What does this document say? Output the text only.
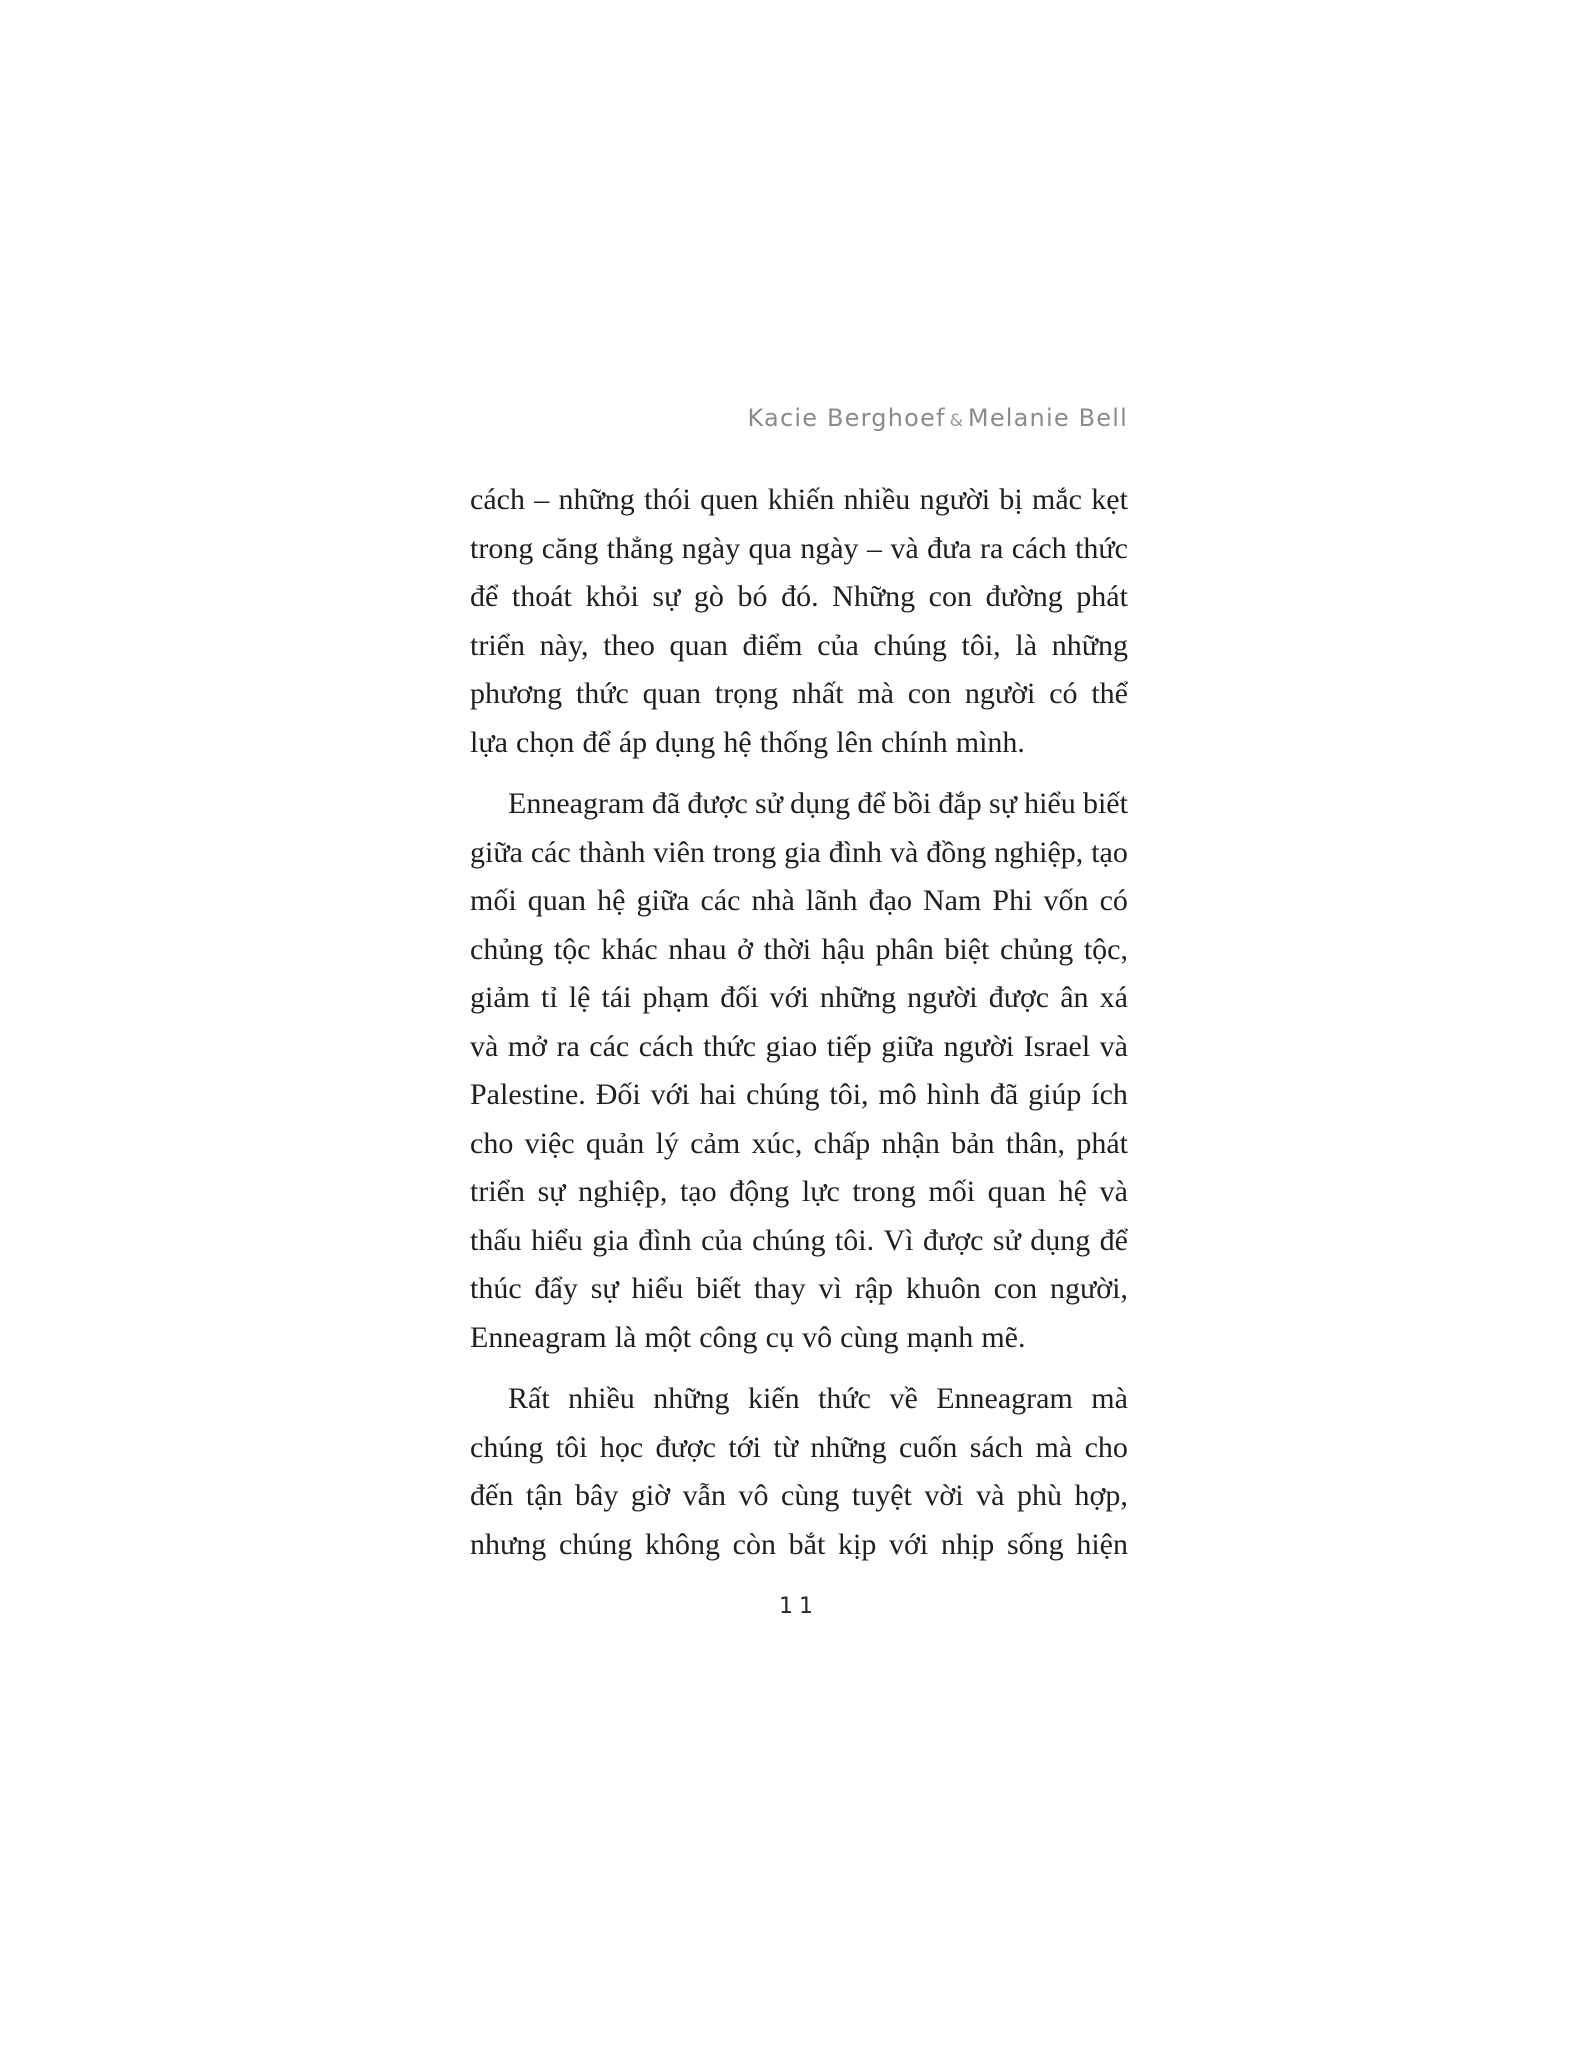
Kacie Berghoef & Melanie Bell
cách – những thói quen khiến nhiều người bị mắc kẹt
trong căng thẳng ngày qua ngày – và đưa ra cách thức
để thoát khỏi sự gò bó đó. Những con đường phát
triển này, theo quan điểm của chúng tôi, là những
phương thức quan trọng nhất mà con người có thể
lựa chọn để áp dụng hệ thống lên chính mình.
Enneagram đã được sử dụng để bồi đắp sự hiểu biết
giữa các thành viên trong gia đình và đồng nghiệp, tạo
mối quan hệ giữa các nhà lãnh đạo Nam Phi vốn có
chủng tộc khác nhau ở thời hậu phân biệt chủng tộc,
giảm tỉ lệ tái phạm đối với những người được ân xá
và mở ra các cách thức giao tiếp giữa người Israel và
Palestine. Đối với hai chúng tôi, mô hình đã giúp ích
cho việc quản lý cảm xúc, chấp nhận bản thân, phát
triển sự nghiệp, tạo động lực trong mối quan hệ và
thấu hiểu gia đình của chúng tôi. Vì được sử dụng để
thúc đẩy sự hiểu biết thay vì rập khuôn con người,
Enneagram là một công cụ vô cùng mạnh mẽ.
Rất nhiều những kiến thức về Enneagram mà
chúng tôi học được tới từ những cuốn sách mà cho
đến tận bây giờ vẫn vô cùng tuyệt vời và phù hợp,
nhưng chúng không còn bắt kịp với nhịp sống hiện
11
